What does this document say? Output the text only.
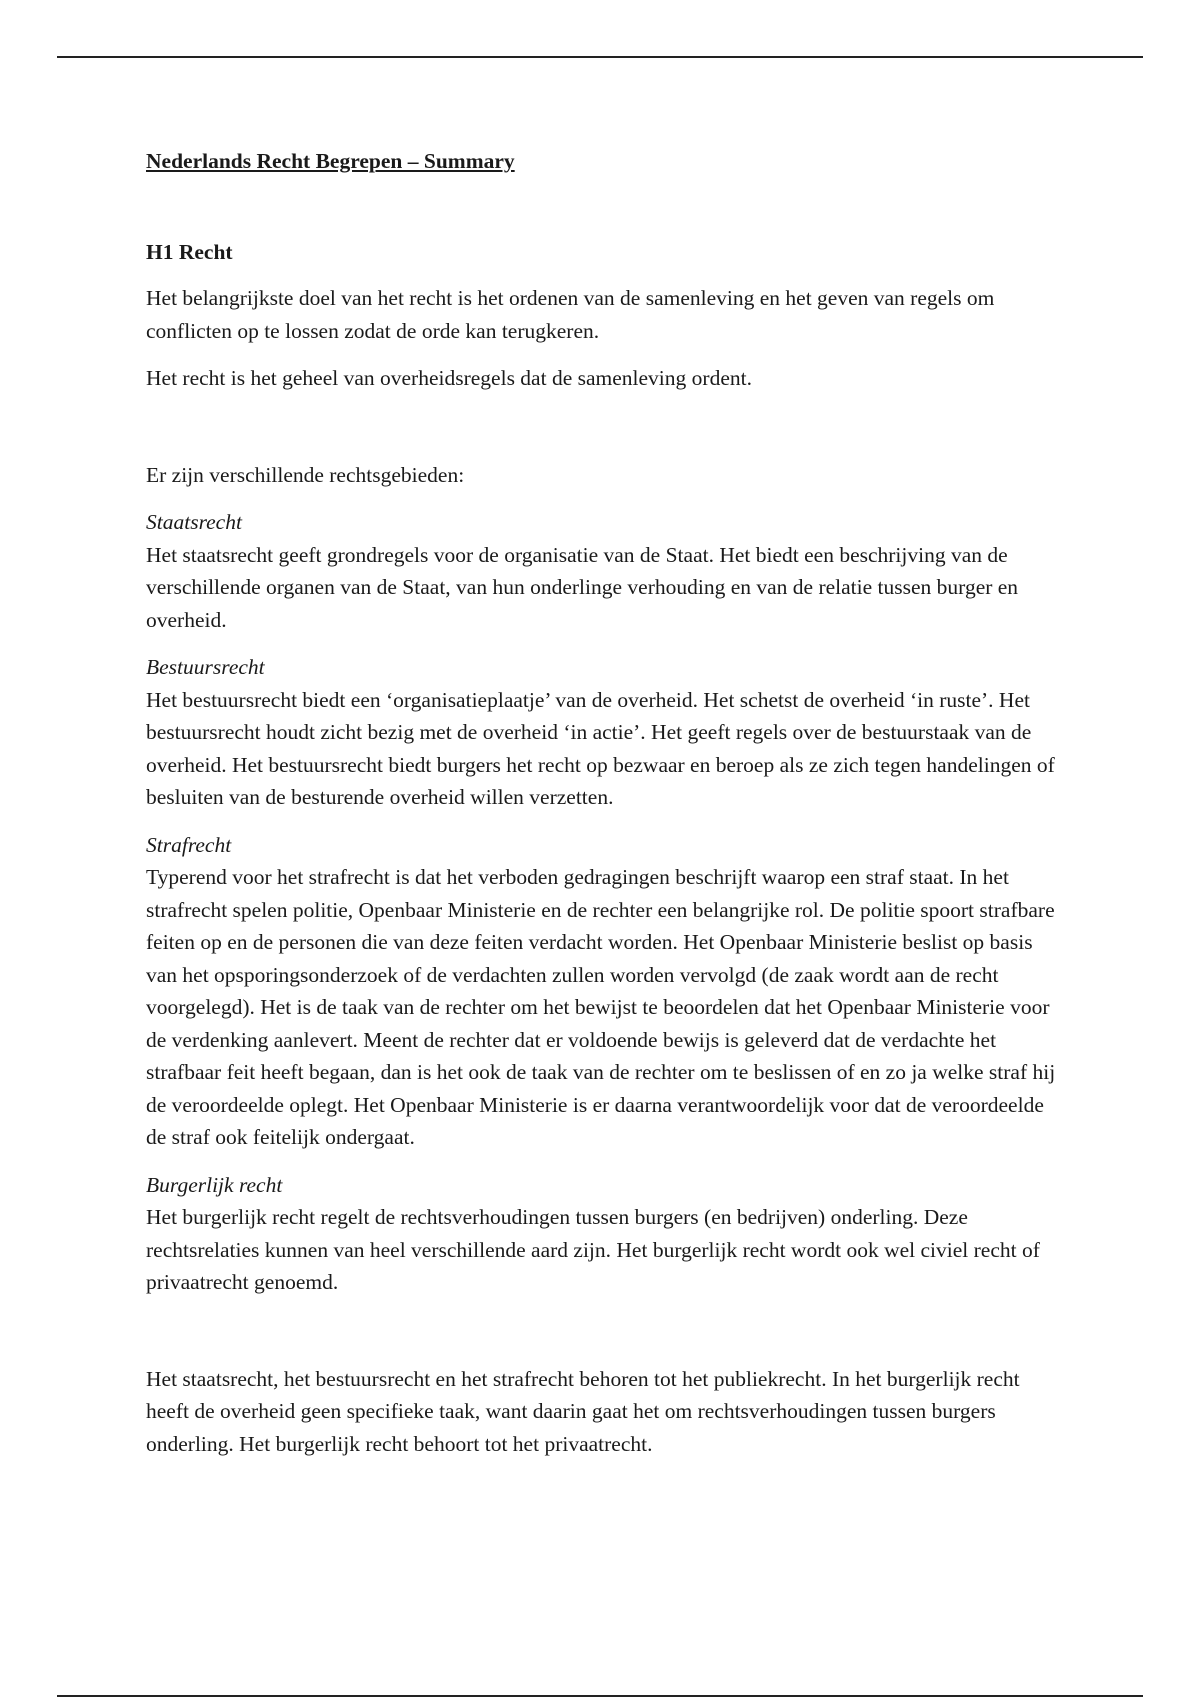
Nederlands Recht Begrepen – Summary
H1 Recht

Het belangrijkste doel van het recht is het ordenen van de samenleving en het geven van regels om conflicten op te lossen zodat de orde kan terugkeren.

Het recht is het geheel van overheidsregels dat de samenleving ordent.

Er zijn verschillende rechtsgebieden:

Staatsrecht

Het staatsrecht geeft grondregels voor de organisatie van de Staat. Het biedt een beschrijving van de verschillende organen van de Staat, van hun onderlinge verhouding en van de relatie tussen burger en overheid.

Bestuursrecht

Het bestuursrecht biedt een ‘organisatieplaatje’ van de overheid. Het schetst de overheid ‘in ruste’. Het bestuursrecht houdt zicht bezig met de overheid ‘in actie’. Het geeft regels over de bestuurstaak van de overheid. Het bestuursrecht biedt burgers het recht op bezwaar en beroep als ze zich tegen handelingen of besluiten van de besturende overheid willen verzetten.

Strafrecht

Typerend voor het strafrecht is dat het verboden gedragingen beschrijft waarop een straf staat. In het strafrecht spelen politie, Openbaar Ministerie en de rechter een belangrijke rol. De politie spoort strafbare feiten op en de personen die van deze feiten verdacht worden. Het Openbaar Ministerie beslist op basis van het opsporingsonderzoek of de verdachten zullen worden vervolgd (de zaak wordt aan de recht voorgelegd). Het is de taak van de rechter om het bewijst te beoordelen dat het Openbaar Ministerie voor de verdenking aanlevert. Meent de rechter dat er voldoende bewijs is geleverd dat de verdachte het strafbaar feit heeft begaan, dan is het ook de taak van de rechter om te beslissen of en zo ja welke straf hij de veroordeelde oplegt. Het Openbaar Ministerie is er daarna verantwoordelijk voor dat de veroordeelde de straf ook feitelijk ondergaat.

Burgerlijk recht

Het burgerlijk recht regelt de rechtsverhoudingen tussen burgers (en bedrijven) onderling. Deze rechtsrelaties kunnen van heel verschillende aard zijn. Het burgerlijk recht wordt ook wel civiel recht of privaatrecht genoemd.

Het staatsrecht, het bestuursrecht en het strafrecht behoren tot het publiekrecht. In het burgerlijk recht heeft de overheid geen specifieke taak, want daarin gaat het om rechtsverhoudingen tussen burgers onderling. Het burgerlijk recht behoort tot het privaatrecht.
